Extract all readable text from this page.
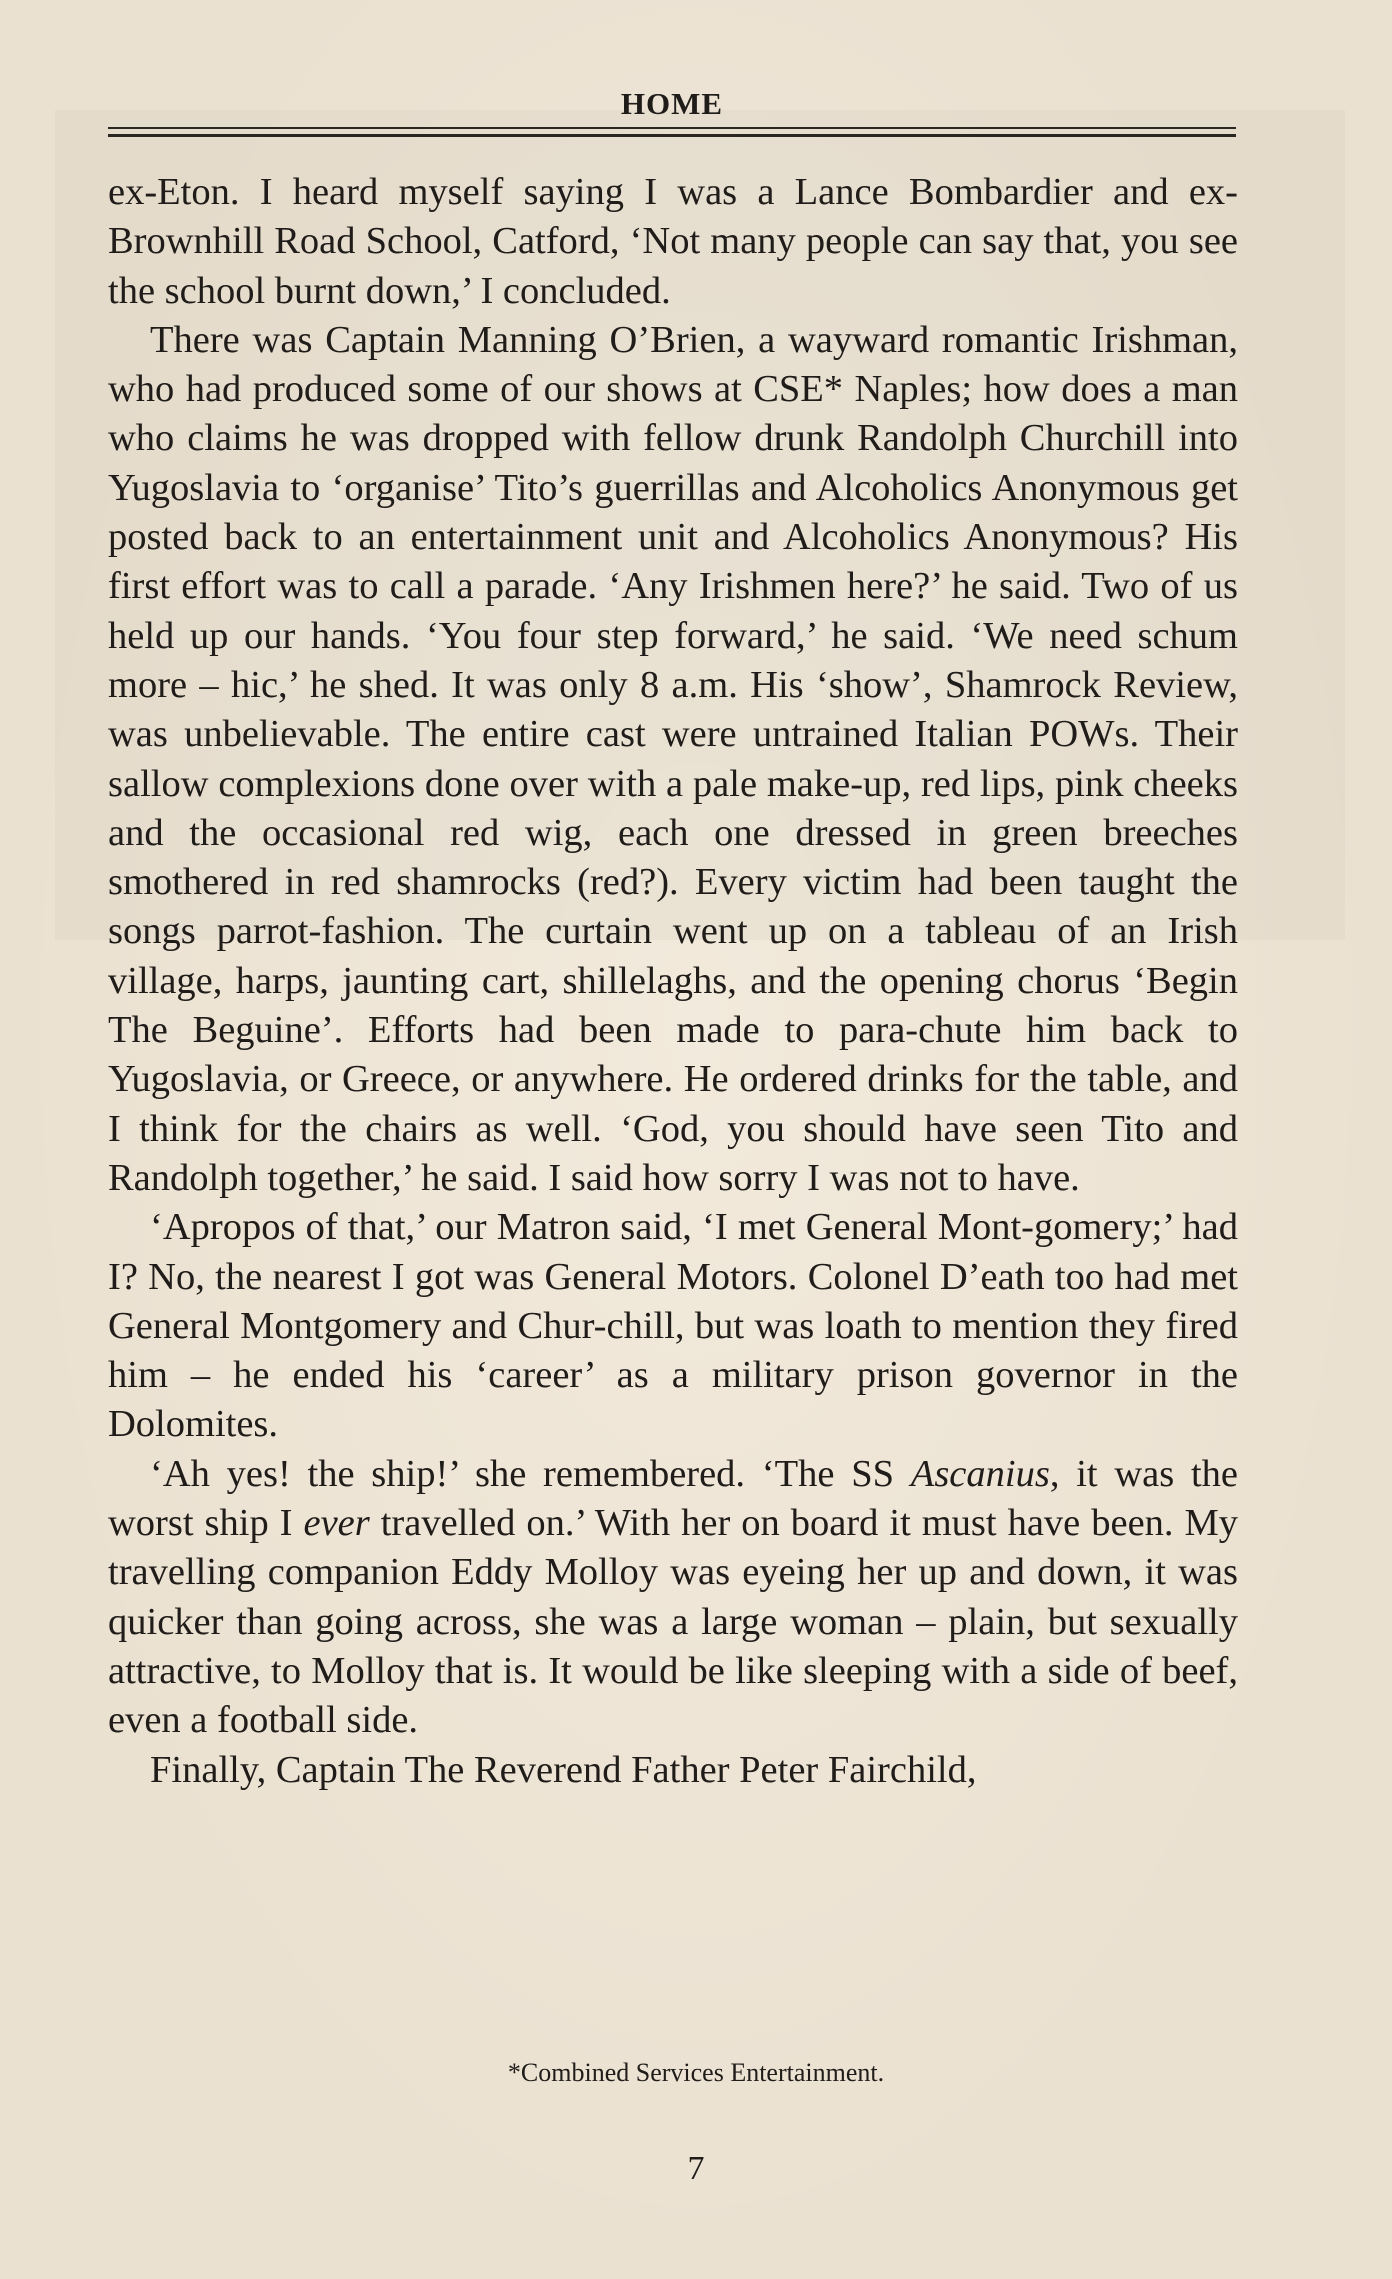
HOME

ex-Eton. I heard myself saying I was a Lance Bombardier and ex-Brownhill Road School, Catford, ‘Not many people can say that, you see the school burnt down,’ I concluded.

There was Captain Manning O’Brien, a wayward romantic Irishman, who had produced some of our shows at CSE* Naples; how does a man who claims he was dropped with fellow drunk Randolph Churchill into Yugoslavia to ‘organise’ Tito’s guerrillas and Alcoholics Anonymous get posted back to an entertainment unit and Alcoholics Anonymous? His first effort was to call a parade. ‘Any Irishmen here?’ he said. Two of us held up our hands. ‘You four step forward,’ he said. ‘We need schum more – hic,’ he shed. It was only 8 a.m. His ‘show’, Shamrock Review, was unbelievable. The entire cast were untrained Italian POWs. Their sallow complexions done over with a pale make-up, red lips, pink cheeks and the occasional red wig, each one dressed in green breeches smothered in red shamrocks (red?). Every victim had been taught the songs parrot-fashion. The curtain went up on a tableau of an Irish village, harps, jaunting cart, shillelaghs, and the opening chorus ‘Begin The Beguine’. Efforts had been made to para-chute him back to Yugoslavia, or Greece, or anywhere. He ordered drinks for the table, and I think for the chairs as well. ‘God, you should have seen Tito and Randolph together,’ he said. I said how sorry I was not to have.

‘Apropos of that,’ our Matron said, ‘I met General Mont-gomery;’ had I? No, the nearest I got was General Motors. Colonel D’eath too had met General Montgomery and Chur-chill, but was loath to mention they fired him – he ended his ‘career’ as a military prison governor in the Dolomites.

‘Ah yes! the ship!’ she remembered. ‘The SS Ascanius, it was the worst ship I ever travelled on.’ With her on board it must have been. My travelling companion Eddy Molloy was eyeing her up and down, it was quicker than going across, she was a large woman – plain, but sexually attractive, to Molloy that is. It would be like sleeping with a side of beef, even a football side.

Finally, Captain The Reverend Father Peter Fairchild,

*Combined Services Entertainment.
7
